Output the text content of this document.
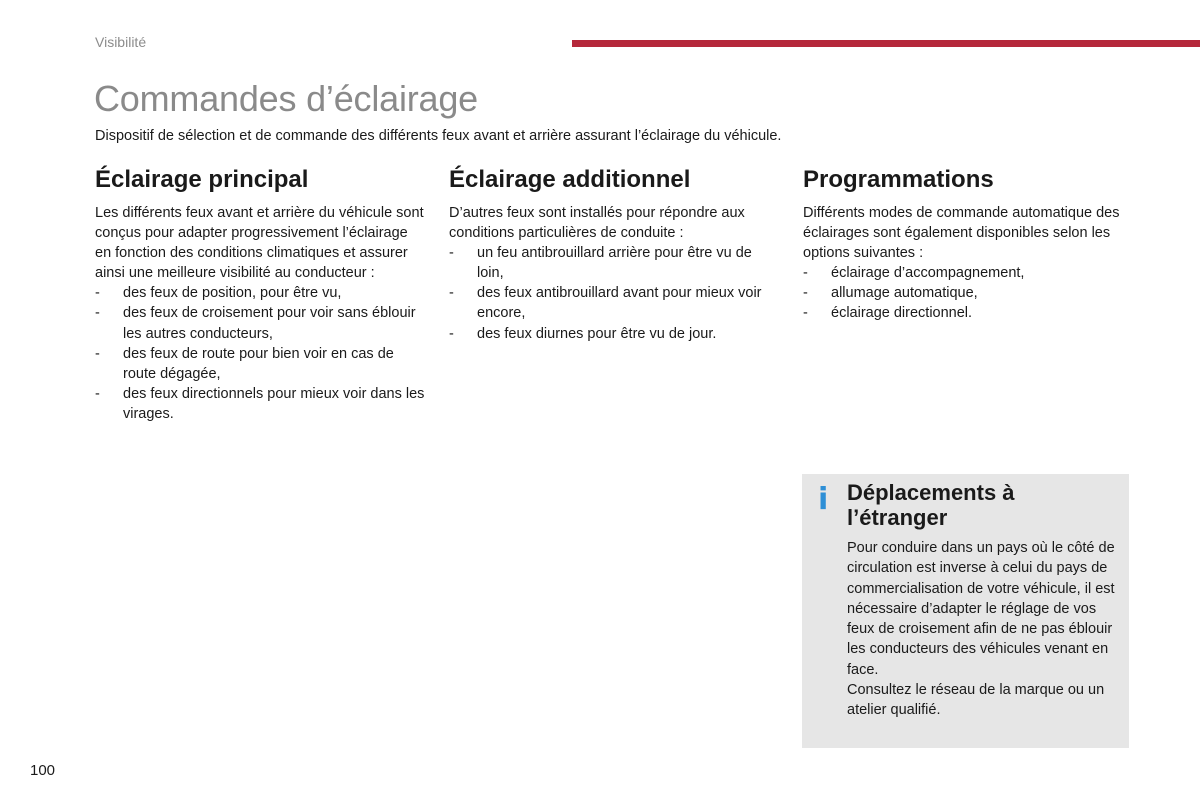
Visibilité
Commandes d’éclairage

Dispositif de sélection et de commande des différents feux avant et arrière assurant l’éclairage du véhicule.

Éclairage principal

Les différents feux avant et arrière du véhicule sont conçus pour adapter progressivement l’éclairage en fonction des conditions climatiques et assurer ainsi une meilleure visibilité au conducteur :

- des feux de position, pour être vu,
- des feux de croisement pour voir sans éblouir les autres conducteurs,
- des feux de route pour bien voir en cas de route dégagée,
- des feux directionnels pour mieux voir dans les virages.
Éclairage additionnel

D’autres feux sont installés pour répondre aux conditions particulières de conduite :

- un feu antibrouillard arrière pour être vu de loin,
- des feux antibrouillard avant pour mieux voir encore,
- des feux diurnes pour être vu de jour.
Programmations

Différents modes de commande automatique des éclairages sont également disponibles selon les options suivantes :

- éclairage d’accompagnement,
- allumage automatique,
- éclairage directionnel.
i Déplacements à l’étranger

Pour conduire dans un pays où le côté de circulation est inverse à celui du pays de commercialisation de votre véhicule, il est nécessaire d’adapter le réglage de vos feux de croisement afin de ne pas éblouir les conducteurs des véhicules venant en face.
Consultez le réseau de la marque ou un atelier qualifié.

100
